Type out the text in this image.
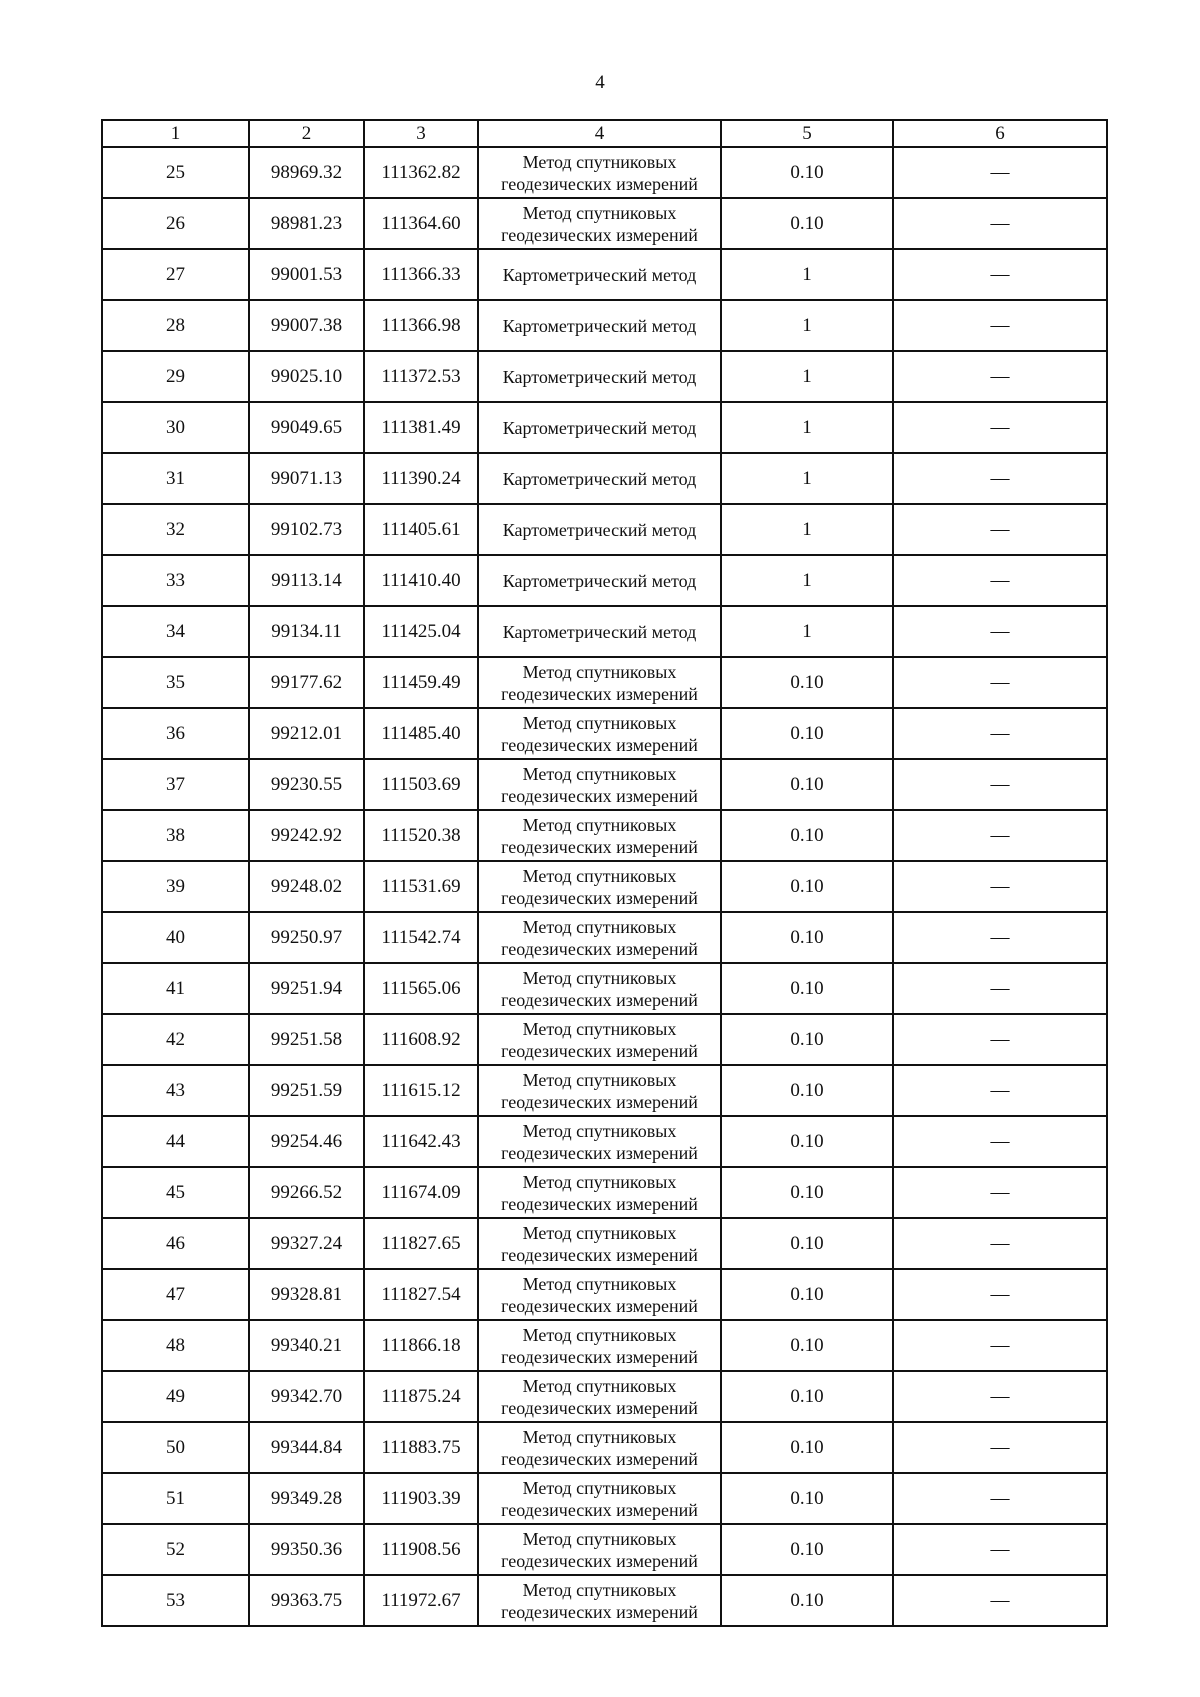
4
1	2	3	4	5	6
25	98969.32	111362.82	Метод спутниковых геодезических измерений	0.10	—
26	98981.23	111364.60	Метод спутниковых геодезических измерений	0.10	—
27	99001.53	111366.33	Картометрический метод	1	—
28	99007.38	111366.98	Картометрический метод	1	—
29	99025.10	111372.53	Картометрический метод	1	—
30	99049.65	111381.49	Картометрический метод	1	—
31	99071.13	111390.24	Картометрический метод	1	—
32	99102.73	111405.61	Картометрический метод	1	—
33	99113.14	111410.40	Картометрический метод	1	—
34	99134.11	111425.04	Картометрический метод	1	—
35	99177.62	111459.49	Метод спутниковых геодезических измерений	0.10	—
36	99212.01	111485.40	Метод спутниковых геодезических измерений	0.10	—
37	99230.55	111503.69	Метод спутниковых геодезических измерений	0.10	—
38	99242.92	111520.38	Метод спутниковых геодезических измерений	0.10	—
39	99248.02	111531.69	Метод спутниковых геодезических измерений	0.10	—
40	99250.97	111542.74	Метод спутниковых геодезических измерений	0.10	—
41	99251.94	111565.06	Метод спутниковых геодезических измерений	0.10	—
42	99251.58	111608.92	Метод спутниковых геодезических измерений	0.10	—
43	99251.59	111615.12	Метод спутниковых геодезических измерений	0.10	—
44	99254.46	111642.43	Метод спутниковых геодезических измерений	0.10	—
45	99266.52	111674.09	Метод спутниковых геодезических измерений	0.10	—
46	99327.24	111827.65	Метод спутниковых геодезических измерений	0.10	—
47	99328.81	111827.54	Метод спутниковых геодезических измерений	0.10	—
48	99340.21	111866.18	Метод спутниковых геодезических измерений	0.10	—
49	99342.70	111875.24	Метод спутниковых геодезических измерений	0.10	—
50	99344.84	111883.75	Метод спутниковых геодезических измерений	0.10	—
51	99349.28	111903.39	Метод спутниковых геодезических измерений	0.10	—
52	99350.36	111908.56	Метод спутниковых геодезических измерений	0.10	—
53	99363.75	111972.67	Метод спутниковых геодезических измерений	0.10	—
